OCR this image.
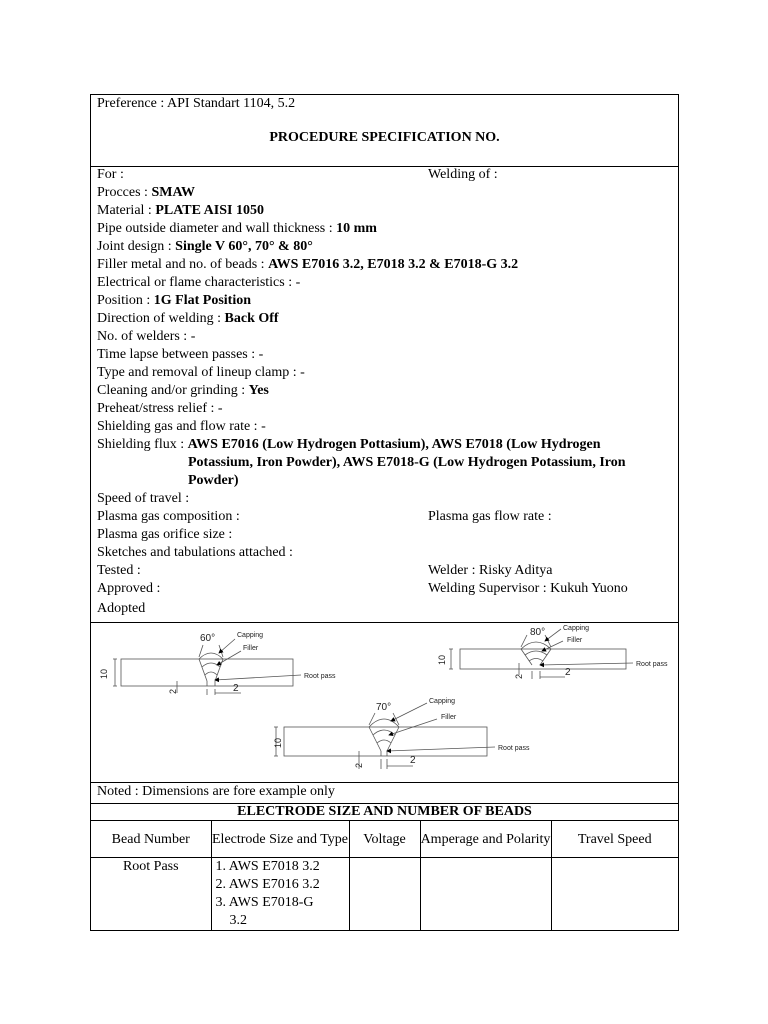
Preference : API Standart 1104, 5.2
PROCEDURE SPECIFICATION NO.
For :	Welding of :
Procces : SMAW
Material : PLATE AISI 1050
Pipe outside diameter and wall thickness : 10 mm
Joint design : Single V 60°, 70° & 80°
Filler metal and no. of beads : AWS E7016 3.2, E7018 3.2 & E7018-G 3.2
Electrical or flame characteristics : -
Position : 1G Flat Position
Direction of welding : Back Off
No. of welders : -
Time lapse between passes : -
Type and removal of lineup clamp : -
Cleaning and/or grinding : Yes
Preheat/stress relief : -
Shielding gas and flow rate : -
Shielding flux : AWS E7016 (Low Hydrogen Pottasium), AWS E7018 (Low Hydrogen
Potassium, Iron Powder), AWS E7018-G (Low Hydrogen Potassium, Iron
Powder)
Speed of travel :
Plasma gas composition :	Plasma gas flow rate :
Plasma gas orifice size :
Sketches and tabulations attached :
Tested :	Welder : Risky Aditya
Approved :	Welding Supervisor : Kukuh Yuono
Adopted
60°	Capping
Filler
Root pass
10
2	2
80°	Capping
Filler
Root pass
10
2	2
70°
Capping
Filler
Root pass
10
2	2
Noted : Dimensions are fore example only
ELECTRODE SIZE AND NUMBER OF BEADS
Bead Number	Electrode Size and Type	Voltage	Amperage and Polarity	Travel Speed
Root Pass	1. AWS E7018 3.2
2. AWS E7016 3.2
3. AWS E7018-G
3.2			
